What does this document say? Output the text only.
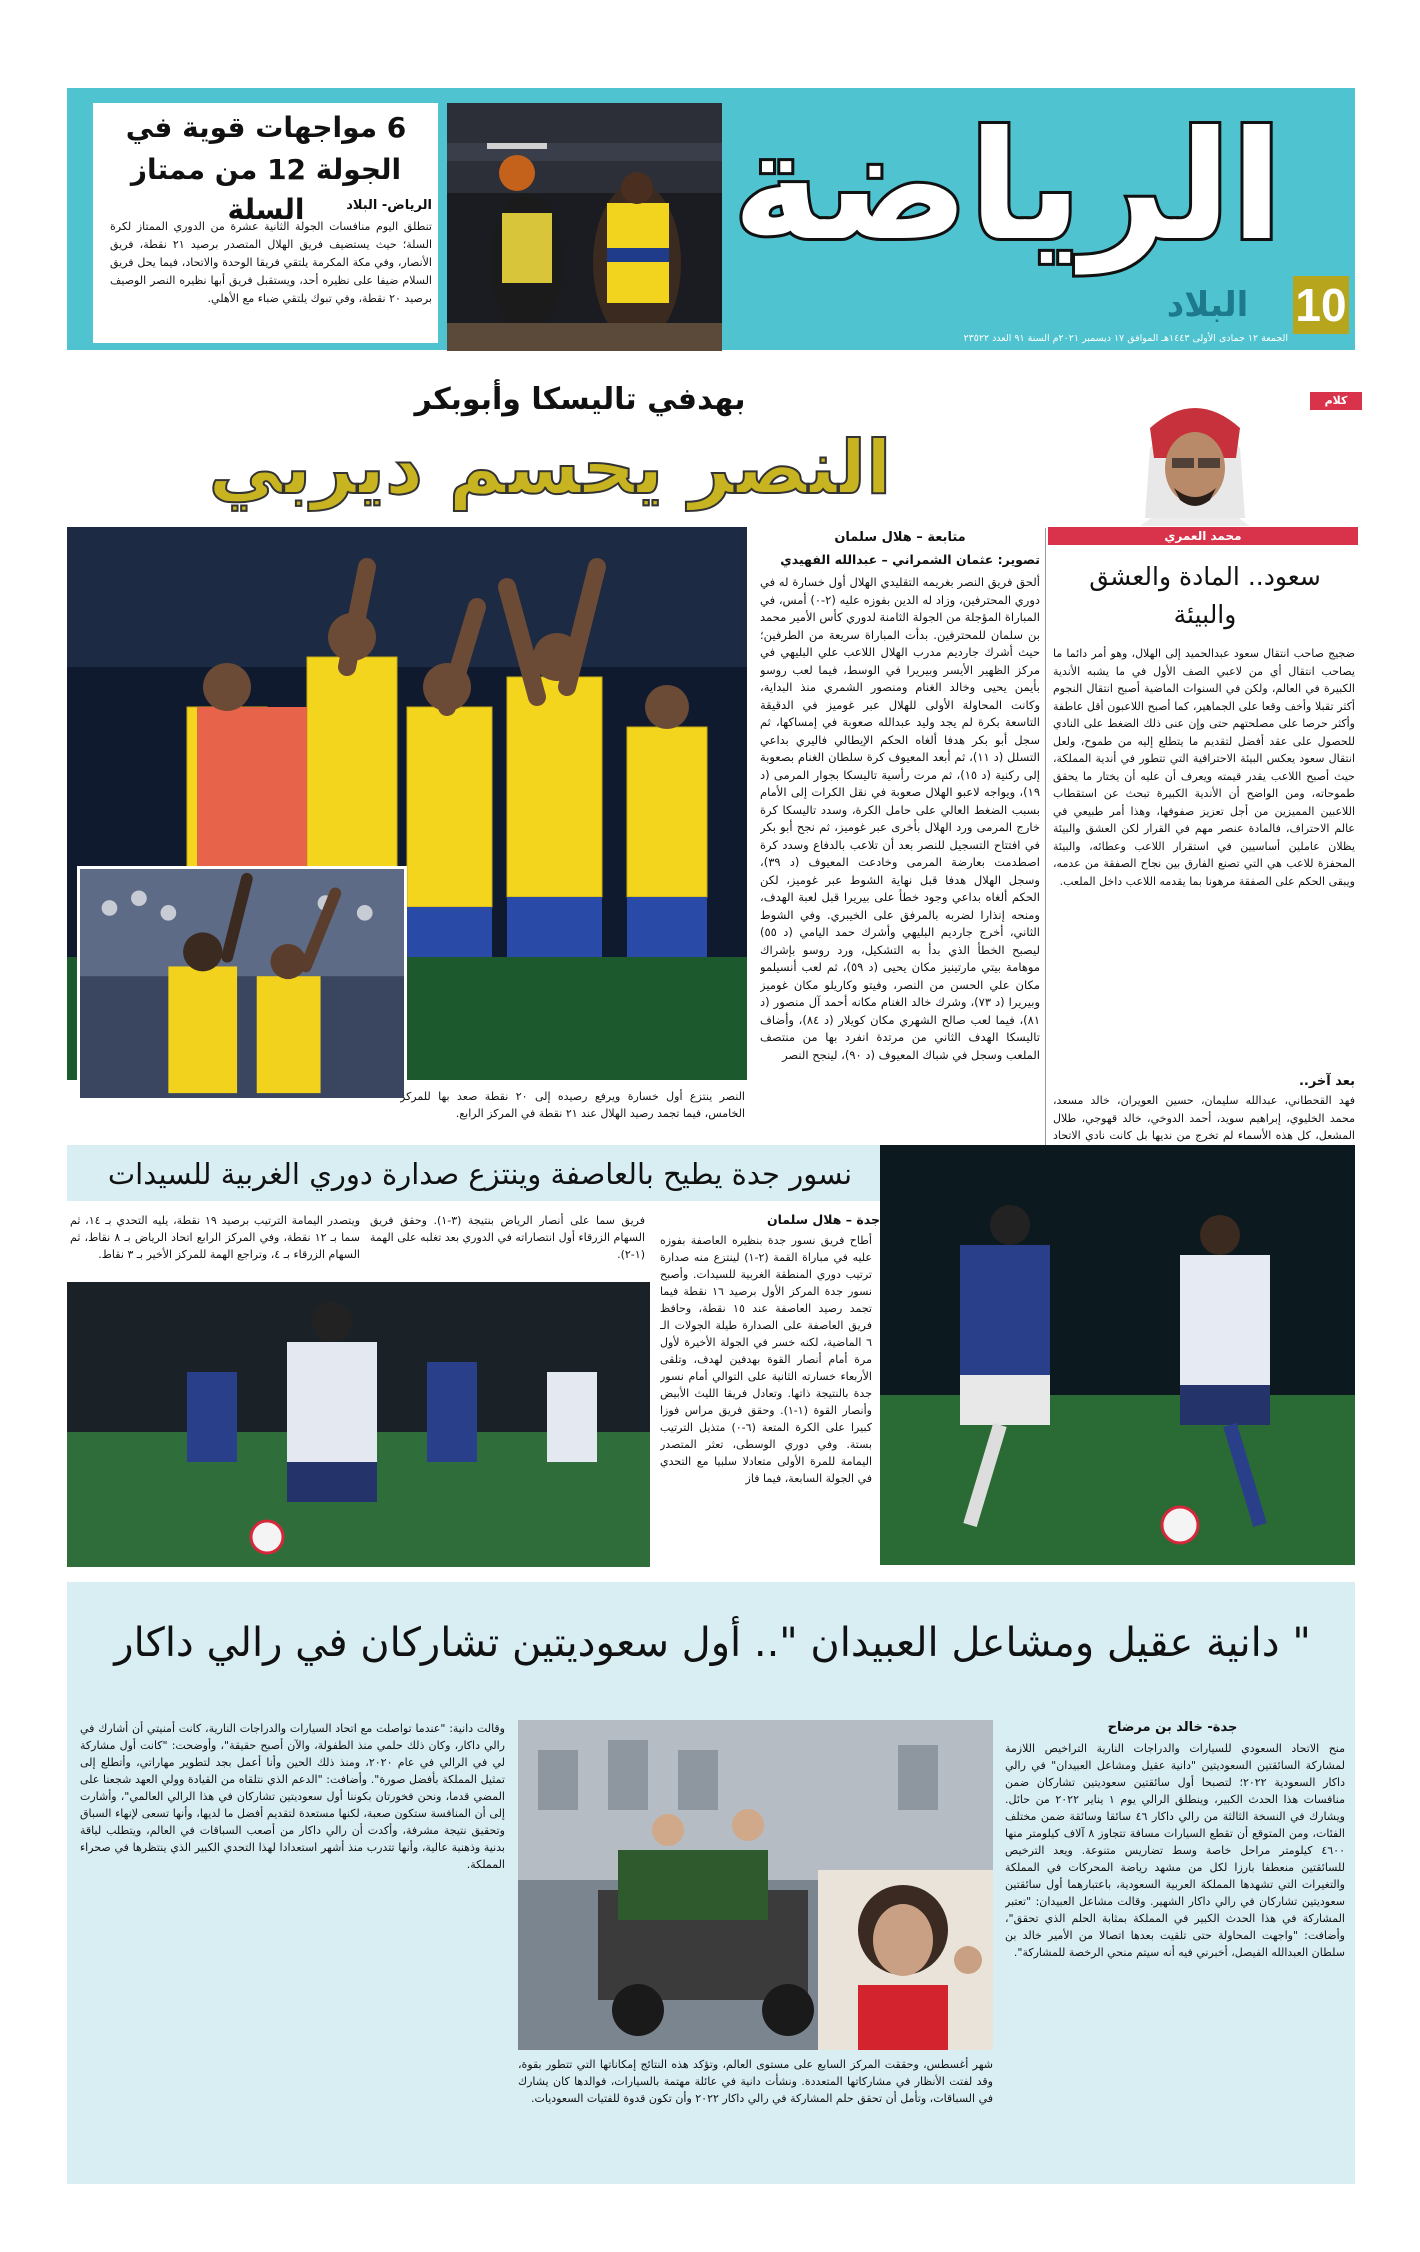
10
الرياضة
البلاد
الجمعة ١٢ جمادى الأولى ١٤٤٣هـ الموافق ١٧ ديسمبر ٢٠٢١م السنة ٩١ العدد ٢٣٥٢٢
6 مواجهات قوية في
الجولة 12 من ممتاز السلة	الرياض- البلاد
تنطلق اليوم منافسات الجولة الثانية عشرة من الدوري الممتاز لكرة السلة؛ حيث يستضيف فريق الهلال المتصدر برصيد ٢١ نقطة، فريق الأنصار، وفي مكة المكرمة يلتقي فريقا الوحدة والاتحاد، فيما يحل فريق السلام ضيفا على نظيره أحد، ويستقبل فريق أبها نظيره النصر الوصيف برصيد ٢٠ نقطة، وفي تبوك يلتقي ضباء مع الأهلي.
بهدفي تاليسكا وأبوبكر
النصر يحسم ديربي
كلام كورة
محمد العمري
سعود.. المادة والعشق والبيئة
ضجيج صاحب انتقال سعود عبدالحميد إلى الهلال، وهو أمر دائما ما يصاحب انتقال أي من لاعبي الصف الأول في ما يشبه الأندية الكبيرة في العالم، ولكن في السنوات الماضية أصبح انتقال النجوم أكثر تقبلا وأخف وقعا على الجماهير، كما أصبح اللاعبون أقل عاطفة وأكثر حرصا على مصلحتهم حتى وإن عنى ذلك الضغط على النادي للحصول على عقد أفضل لتقديم ما يتطلع إليه من طموح، ولعل انتقال سعود يعكس البيئة الاحترافية التي تتطور في أندية المملكة، حيث أصبح اللاعب يقدر قيمته ويعرف أن عليه أن يختار ما يحقق طموحاته، ومن الواضح أن الأندية الكبيرة تبحث عن استقطاب اللاعبين المميزين من أجل تعزيز صفوفها، وهذا أمر طبيعي في عالم الاحتراف، فالمادة عنصر مهم في القرار لكن العشق والبيئة يظلان عاملين أساسيين في استقرار اللاعب وعطائه، والبيئة المحفزة للاعب هي التي تصنع الفارق بين نجاح الصفقة من عدمه، ويبقى الحكم على الصفقة مرهونا بما يقدمه اللاعب داخل الملعب.
بعد آخر..
فهد القحطاني، عبدالله سليمان، حسين العويران، خالد مسعد، محمد الخليوي، إبراهيم سويد، أحمد الدوخي، خالد قهوجي، طلال المشعل، كل هذه الأسماء لم تخرج من نديها بل كانت نادي الاتحاد
متابعة – هلال سلمان
تصوير: عثمان الشمراني – عبدالله الفهيدي
ألحق فريق النصر بغريمه التقليدي الهلال أول خسارة له في دوري المحترفين، وزاد له الدين بفوزه عليه (٢-٠) أمس، في المباراة المؤجلة من الجولة الثامنة لدوري كأس الأمير محمد بن سلمان للمحترفين. بدأت المباراة سريعة من الطرفين؛ حيث أشرك جارديم مدرب الهلال اللاعب علي البليهي في مركز الظهير الأيسر وبيريرا في الوسط، فيما لعب روسو بأيمن يحيى وخالد الغنام ومنصور الشمري منذ البداية، وكانت المحاولة الأولى للهلال عبر غوميز في الدقيقة التاسعة بكرة لم يجد وليد عبدالله صعوبة في إمساكها، ثم سجل أبو بكر هدفا ألغاه الحكم الإيطالي فاليري بداعي التسلل (د ١١)، ثم أبعد المعيوف كرة سلطان الغنام بصعوبة إلى ركنية (د ١٥)، ثم مرت رأسية تاليسكا بجوار المرمى (د ١٩)، ويواجه لاعبو الهلال صعوبة في نقل الكرات إلى الأمام بسبب الضغط العالي على حامل الكرة، وسدد تاليسكا كرة خارج المرمى ورد الهلال بأخرى عبر غوميز، ثم نجح أبو بكر في افتتاح التسجيل للنصر بعد أن تلاعب بالدفاع وسدد كرة اصطدمت بعارضة المرمى وخادعت المعيوف (د ٣٩)، وسجل الهلال هدفا قبل نهاية الشوط عبر غوميز، لكن الحكم ألغاه بداعي وجود خطأ على بيريرا قبل لعبة الهدف، ومنحه إنذارا لضربه بالمرفق على الخيبري. وفي الشوط الثاني، أخرج جارديم البليهي وأشرك حمد اليامي (د ٥٥) ليصبح الخطأ الذي بدأ به التشكيل، ورد روسو بإشراك موهامة بيتي مارتينيز مكان يحيى (د ٥٩)، ثم لعب أنسيلمو مكان علي الحسن من النصر، وفيتو وكاريلو مكان غوميز وبيريرا (د ٧٣)، وشرك خالد الغنام مكانه أحمد آل منصور (د ٨١)، فيما لعب صالح الشهري مكان كويلار (د ٨٤)، وأضاف تاليسكا الهدف الثاني من مرتدة انفرد بها من منتصف الملعب وسجل في شباك المعيوف (د ٩٠)، لينجح النصر
النصر ينتزع أول خسارة ويرفع رصيده إلى ٢٠ نقطة صعد بها للمركز الخامس، فيما تجمد رصيد الهلال عند ٢١ نقطة في المركز الرابع.
نسور جدة يطيح بالعاصفة وينتزع صدارة دوري الغربية للسيدات
جدة – هلال سلمان
أطاح فريق نسور جدة بنظيره العاصفة بفوزه عليه في مباراة القمة (٢-١) لينتزع منه صدارة ترتيب دوري المنطقة الغربية للسيدات. وأصبح نسور جدة المركز الأول برصيد ١٦ نقطة فيما تجمد رصيد العاصفة عند ١٥ نقطة، وحافظ فريق العاصفة على الصدارة طيلة الجولات الـ ٦ الماضية، لكنه خسر في الجولة الأخيرة لأول مرة أمام أنصار القوة بهدفين لهدف، وتلقى الأربعاء خسارته الثانية على التوالي أمام نسور جدة بالنتيجة ذاتها. وتعادل فريقا الليث الأبيض وأنصار القوة (١-١). وحقق فريق مراس فوزا كبيرا على الكرة المتعة (٦-٠) متذيل الترتيب بستة. وفي دوري الوسطى، تعثر المتصدر اليمامة للمرة الأولى متعادلا سلبيا مع التحدي في الجولة السابعة، فيما فاز
فريق سما على أنصار الرياض بنتيجة (٣-١). وحقق فريق السهام الزرقاء أول انتصاراته في الدوري بعد تغلبه على الهمة (١-٢).
ويتصدر اليمامة الترتيب برصيد ١٩ نقطة، يليه التحدي بـ ١٤، ثم سما بـ ١٢ نقطة، وفي المركز الرابع اتحاد الرياض بـ ٨ نقاط، ثم السهام الزرقاء بـ ٤، وتراجع الهمة للمركز الأخير بـ ٣ نقاط.
" دانية عقيل ومشاعل العبيدان ".. أول سعوديتين تشاركان في رالي داكار
جدة- خالد بن مرضاح
منح الاتحاد السعودي للسيارات والدراجات النارية التراخيص اللازمة لمشاركة السائقتين السعوديتين "دانية عقيل ومشاعل العبيدان" في رالي داكار السعودية ٢٠٢٢؛ لتصبحا أول سائقتين سعوديتين تشاركان ضمن منافسات هذا الحدث الكبير، وينطلق الرالي يوم ١ يناير ٢٠٢٢ من حائل. ويشارك في النسخة الثالثة من رالي داكار ٤٦ سائقا وسائقة ضمن مختلف الفئات، ومن المتوقع أن تقطع السيارات مسافة تتجاوز ٨ آلاف كيلومتر منها ٤٦٠٠ كيلومتر مراحل خاصة وسط تضاريس متنوعة. ويعد الترخيص للسائقتين منعطفا بارزا لكل من مشهد رياضة المحركات في المملكة والتغيرات التي تشهدها المملكة العربية السعودية، باعتبارهما أول سائقتين سعوديتين تشاركان في رالي داكار الشهير. وقالت مشاعل العبيدان: "تعتبر المشاركة في هذا الحدث الكبير في المملكة بمثابة الحلم الذي تحقق"، وأضافت: "واجهت المحاولة حتى تلقيت بعدها اتصالا من الأمير خالد بن سلطان العبدالله الفيصل، أخبرني فيه أنه سيتم منحي الرخصة للمشاركة".
شهر أغسطس، وحققت المركز السابع على مستوى العالم، وتؤكد هذه النتائج إمكاناتها التي تتطور بقوة، وقد لفتت الأنظار في مشاركاتها المتعددة. ونشأت دانية في عائلة مهتمة بالسيارات، فوالدها كان يشارك في السباقات، وتأمل أن تحقق حلم المشاركة في رالي داكار ٢٠٢٢ وأن تكون قدوة للفتيات السعوديات.
وقالت دانية: "عندما تواصلت مع اتحاد السيارات والدراجات النارية، كانت أمنيتي أن أشارك في رالي داكار، وكان ذلك حلمي منذ الطفولة، والآن أصبح حقيقة"، وأوضحت: "كانت أول مشاركة لي في الرالي في عام ٢٠٢٠، ومنذ ذلك الحين وأنا أعمل بجد لتطوير مهاراتي، وأتطلع إلى تمثيل المملكة بأفضل صورة". وأضافت: "الدعم الذي نتلقاه من القيادة وولي العهد شجعنا على المضي قدما، ونحن فخورتان بكوننا أول سعوديتين تشاركان في هذا الرالي العالمي"، وأشارت إلى أن المنافسة ستكون صعبة، لكنها مستعدة لتقديم أفضل ما لديها، وأنها تسعى لإنهاء السباق وتحقيق نتيجة مشرفة، وأكدت أن رالي داكار من أصعب السباقات في العالم، ويتطلب لياقة بدنية وذهنية عالية، وأنها تتدرب منذ أشهر استعدادا لهذا التحدي الكبير الذي ينتظرها في صحراء المملكة.
